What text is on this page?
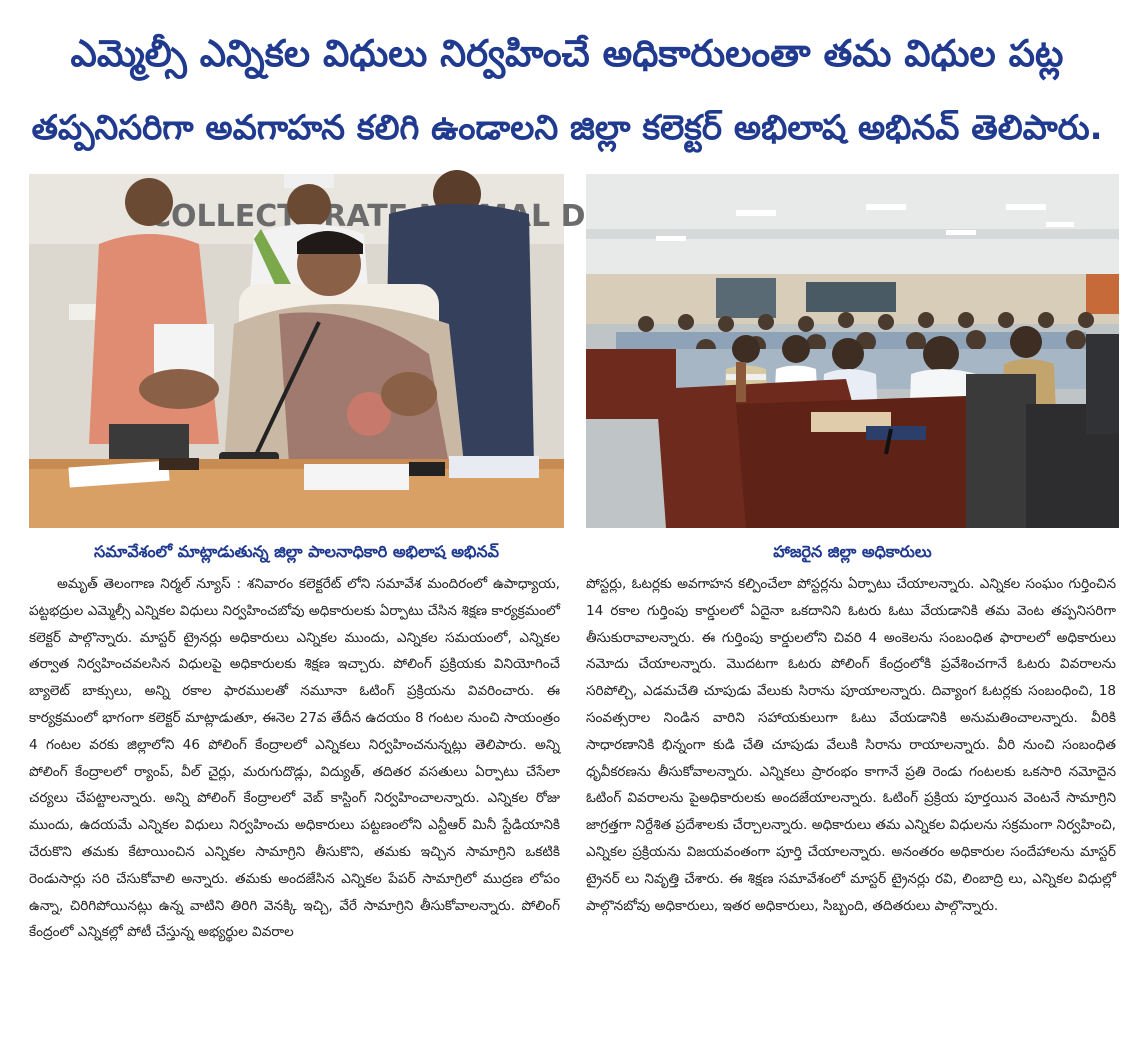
ఎమ్మెల్సీ ఎన్నికల విధులు నిర్వహించే అధికారులంతా తమ విధుల పట్ల
తప్పనిసరిగా అవగాహన కలిగి ఉండాలని జిల్లా కలెక్టర్ అభిలాష అభినవ్ తెలిపారు.
COLLECTORATE
సమావేశంలో మాట్లాడుతున్న జిల్లా పాలనాధికారి అభిలాష అభినవ్	హాజరైన జిల్లా అధికారులు
అమృత్ తెలంగాణ నిర్మల్ న్యూస్ : శనివారం కలెక్టరేట్ లోని సమావేశ మందిరంలో ఉపాధ్యాయ, పట్టభద్రుల ఎమ్మెల్సీ ఎన్నికల విధులు నిర్వహించబోవు అధికారులకు ఏర్పాటు చేసిన శిక్షణ కార్యక్రమంలో కలెక్టర్ పాల్గొన్నారు. మాస్టర్ ట్రైనర్లు అధికారులు ఎన్నికల ముందు, ఎన్నికల సమయంలో, ఎన్నికల తర్వాత నిర్వహించవలసిన విధులపై అధికారులకు శిక్షణ ఇచ్చారు. పోలింగ్ ప్రక్రియకు వినియోగించే బ్యాలెట్ బాక్సులు, అన్ని రకాల ఫారములతో నమూనా ఓటింగ్ ప్రక్రియను వివరించారు. ఈ కార్యక్రమంలో భాగంగా కలెక్టర్ మాట్లాడుతూ, ఈనెల 27వ తేదీన ఉదయం 8 గంటల నుంచి సాయంత్రం 4 గంటల వరకు జిల్లాలోని 46 పోలింగ్ కేంద్రాలలో ఎన్నికలు నిర్వహించనున్నట్లు తెలిపారు. అన్ని పోలింగ్ కేంద్రాలలో ర్యాంప్, వీల్ చైర్లు, మరుగుదొడ్లు, విద్యుత్, తదితర వసతులు ఏర్పాటు చేసేలా చర్యలు చేపట్టాలన్నారు. అన్ని పోలింగ్ కేంద్రాలలో వెబ్ కాస్టింగ్ నిర్వహించాలన్నారు. ఎన్నికల రోజు ముందు, ఉదయమే ఎన్నికల విధులు నిర్వహించు అధికారులు పట్టణంలోని ఎన్టీఆర్ మినీ స్టేడియానికి చేరుకొని తమకు కేటాయించిన ఎన్నికల సామాగ్రిని తీసుకొని, తమకు ఇచ్చిన సామాగ్రిని ఒకటికి రెండుసార్లు సరి చేసుకోవాలి అన్నారు. తమకు అందజేసిన ఎన్నికల పేపర్ సామాగ్రిలో ముద్రణ లోపం ఉన్నా, చిరిగిపోయినట్లు ఉన్న వాటిని తిరిగి వెనక్కి ఇచ్చి, వేరే సామాగ్రిని తీసుకోవాలన్నారు. పోలింగ్ కేంద్రంలో ఎన్నికల్లో పోటీ చేస్తున్న అభ్యర్థుల వివరాల
పోస్టర్లు, ఓటర్లకు అవగాహన కల్పించేలా పోస్టర్లను ఏర్పాటు చేయాలన్నారు. ఎన్నికల సంఘం గుర్తించిన 14 రకాల గుర్తింపు కార్డులలో ఏదైనా ఒకదానిని ఓటరు ఓటు వేయడానికి తమ వెంట తప్పనిసరిగా తీసుకురావాలన్నారు. ఈ గుర్తింపు కార్డులలోని చివరి 4 అంకెలను సంబంధిత ఫారాలలో అధికారులు నమోదు చేయాలన్నారు. మొదటగా ఓటరు పోలింగ్ కేంద్రంలోకి ప్రవేశించగానే ఓటరు వివరాలను సరిపోల్చి, ఎడమచేతి చూపుడు వేలుకు సిరాను పూయాలన్నారు. దివ్యాంగ ఓటర్లకు సంబంధించి, 18 సంవత్సరాల నిండిన వారిని సహాయకులుగా ఓటు వేయడానికి అనుమతించాలన్నారు. వీరికి సాధారణానికి భిన్నంగా కుడి చేతి చూపుడు వేలుకి సిరాను రాయాలన్నారు. వీరి నుంచి సంబంధిత ధృవీకరణను తీసుకోవాలన్నారు. ఎన్నికలు ప్రారంభం కాగానే ప్రతి రెండు గంటలకు ఒకసారి నమోదైన ఓటింగ్ వివరాలను పైఅధికారులకు అందజేయాలన్నారు. ఓటింగ్ ప్రక్రియ పూర్తయిన వెంటనే సామాగ్రిని జాగ్రత్తగా నిర్దేశిత ప్రదేశాలకు చేర్చాలన్నారు. అధికారులు తమ ఎన్నికల విధులను సక్రమంగా నిర్వహించి, ఎన్నికల ప్రక్రియను విజయవంతంగా పూర్తి చేయాలన్నారు. అనంతరం అధికారుల సందేహాలను మాస్టర్ ట్రైనర్ లు నివృత్తి చేశారు. ఈ శిక్షణ సమావేశంలో మాస్టర్ ట్రైనర్లు రవి, లింబాద్రి లు, ఎన్నికల విధుల్లో పాల్గొనబోవు అధికారులు, ఇతర అధికారులు, సిబ్బంది, తదితరులు పాల్గొన్నారు.
